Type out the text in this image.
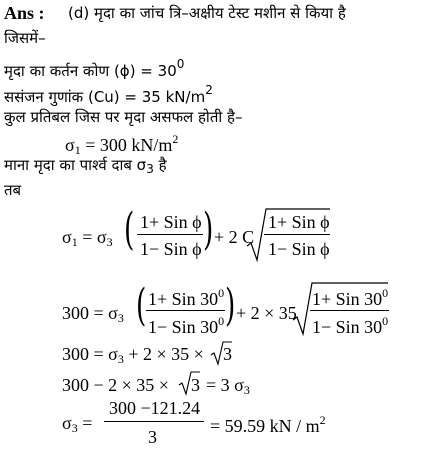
Ans : (d) मृदा का जांच त्रि–अक्षीय टेस्ट मशीन से किया है
जिसमें–
मृदा का कर्तन कोण $(\phi) = 30^0$
ससंजन गुणांक (Cu) = 35 $kN/m^2$
कुल प्रतिबल जिस पर मृदा असफल होती है–
$\sigma_1 = 300$ $kN/m^2$
माना मृदा का पार्श्व दाब $\sigma_3$ है
तब
$\sigma_1 = \sigma_3$ ( 1+ Sin ϕ
1− Sin ϕ ) + 2 C
1+ Sin ϕ
1− Sin ϕ
$300 = \sigma_3$ ( 1+ Sin $30^0$
1− Sin $30^0$ ) + 2 × 35
1+ Sin $30^0$
1− Sin $30^0$
$300 = \sigma_3 + 2 \times 35 \times 3$
300 − 2 × 35 × 3 = 3 $\sigma_3$
$\sigma_3$ =
300 −121.24
3
= 59.59 kN / $m^2$
